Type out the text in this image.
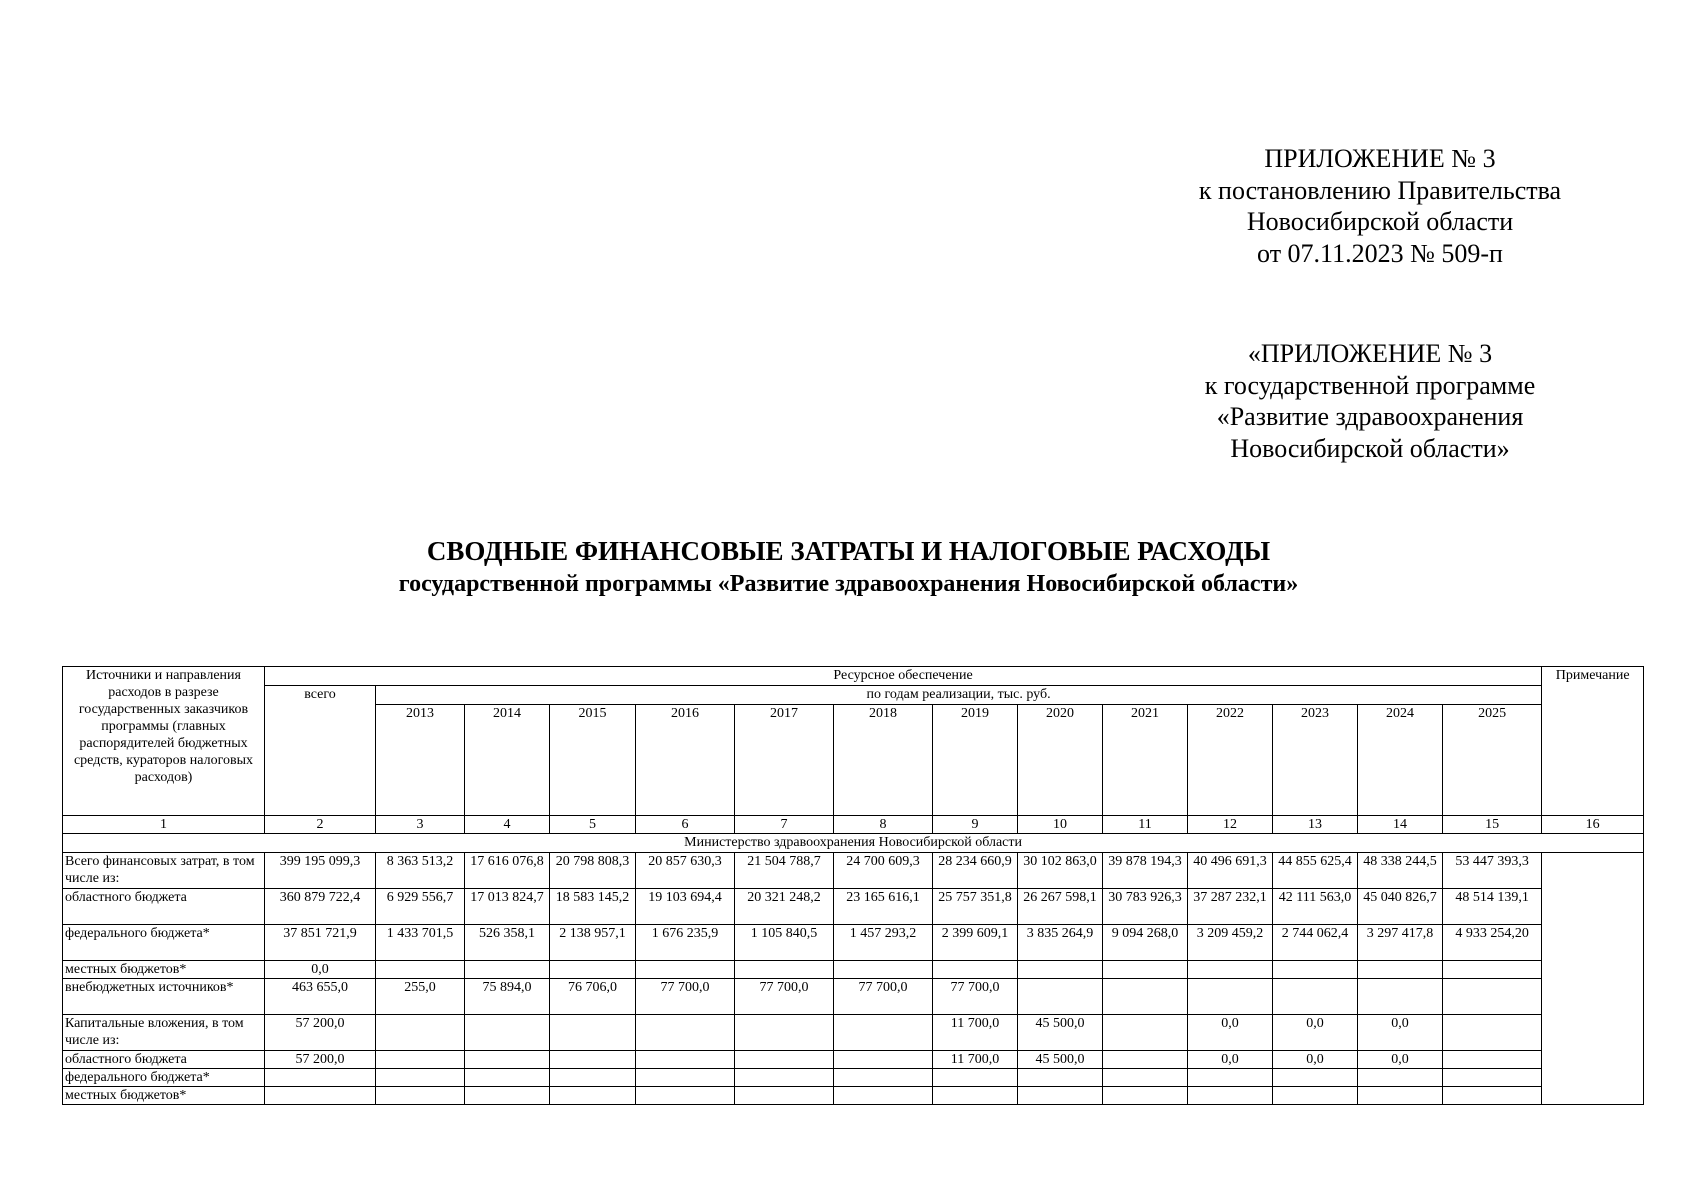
ПРИЛОЖЕНИЕ № 3
к постановлению Правительства
Новосибирской области
от 07.11.2023 № 509-п
«ПРИЛОЖЕНИЕ № 3
к государственной программе
«Развитие здравоохранения
Новосибирской области»
СВОДНЫЕ ФИНАНСОВЫЕ ЗАТРАТЫ И НАЛОГОВЫЕ РАСХОДЫ
государственной программы «Развитие здравоохранения Новосибирской области»
Источники и направления расходов в разрезе государственных заказчиков программы (главных распорядителей бюджетных средств, кураторов налоговых расходов)	Ресурсное обеспечение														Примечание
	всего	по годам реализации, тыс. руб.													
		2013	2014	2015	2016	2017	2018	2019	2020	2021	2022	2023	2024	2025	
1	2	3	4	5	6	7	8	9	10	11	12	13	14	15	16
Министерство здравоохранения Новосибирской области															
Всего финансовых затрат, в том числе из:	399 195 099,3	8 363 513,2	17 616 076,8	20 798 808,3	20 857 630,3	21 504 788,7	24 700 609,3	28 234 660,9	30 102 863,0	39 878 194,3	40 496 691,3	44 855 625,4	48 338 244,5	53 447 393,3	
областного бюджета	360 879 722,4	6 929 556,7	17 013 824,7	18 583 145,2	19 103 694,4	20 321 248,2	23 165 616,1	25 757 351,8	26 267 598,1	30 783 926,3	37 287 232,1	42 111 563,0	45 040 826,7	48 514 139,1	
федерального бюджета*	37 851 721,9	1 433 701,5	526 358,1	2 138 957,1	1 676 235,9	1 105 840,5	1 457 293,2	2 399 609,1	3 835 264,9	9 094 268,0	3 209 459,2	2 744 062,4	3 297 417,8	4 933 254,20	
местных бюджетов*	0,0														
внебюджетных источников*	463 655,0	255,0	75 894,0	76 706,0	77 700,0	77 700,0	77 700,0	77 700,0							
Капитальные вложения, в том числе из:	57 200,0							11 700,0	45 500,0		0,0	0,0	0,0		
областного бюджета	57 200,0							11 700,0	45 500,0		0,0	0,0	0,0		
федерального бюджета*															
местных бюджетов*															
